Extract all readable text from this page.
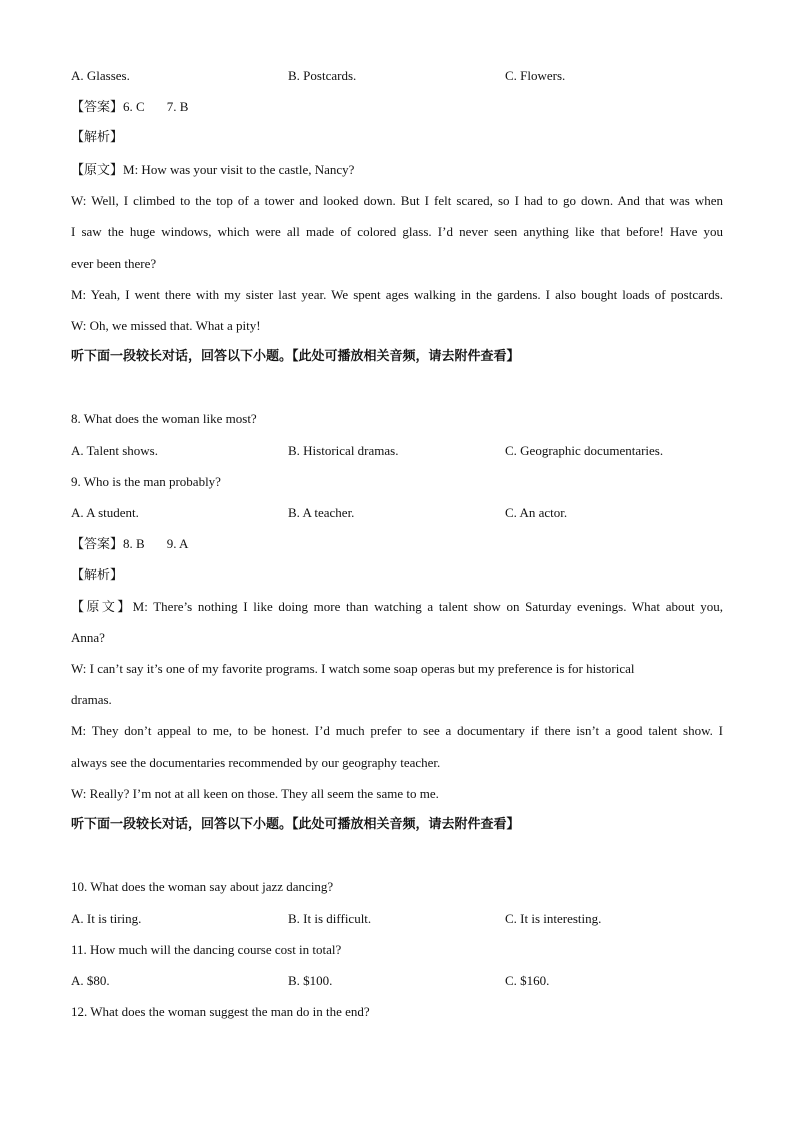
A. Glasses.	B. Postcards.	C. Flowers.
【答案】6. C 7. B
【解析】
【原文】M: How was your visit to the castle, Nancy?
W: Well, I climbed to the top of a tower and looked down. But I felt scared, so I had to go down. And that was when
I saw the huge windows, which were all made of colored glass. I’d never seen anything like that before! Have you
ever been there?
M: Yeah, I went there with my sister last year. We spent ages walking in the gardens. I also bought loads of postcards.
W: Oh, we missed that. What a pity!
听下面一段较长对话，回答以下小题。【此处可播放相关音频，请去附件查看】
8. What does the woman like most?
A. Talent shows.	B. Historical dramas.	C. Geographic documentaries.
9. Who is the man probably?
A. A student.	B. A teacher.	C. An actor.
【答案】8. B 9. A
【解析】
【原文】M: There’s nothing I like doing more than watching a talent show on Saturday evenings. What about you,
Anna?
W: I can’t say it’s one of my favorite programs. I watch some soap operas but my preference is for historical
dramas.
M: They don’t appeal to me, to be honest. I’d much prefer to see a documentary if there isn’t a good talent show. I
always see the documentaries recommended by our geography teacher.
W: Really? I’m not at all keen on those. They all seem the same to me.
听下面一段较长对话，回答以下小题。【此处可播放相关音频，请去附件查看】
10. What does the woman say about jazz dancing?
A. It is tiring.	B. It is difficult.	C. It is interesting.
11. How much will the dancing course cost in total?
A. $80.	B. $100.	C. $160.
12. What does the woman suggest the man do in the end?
